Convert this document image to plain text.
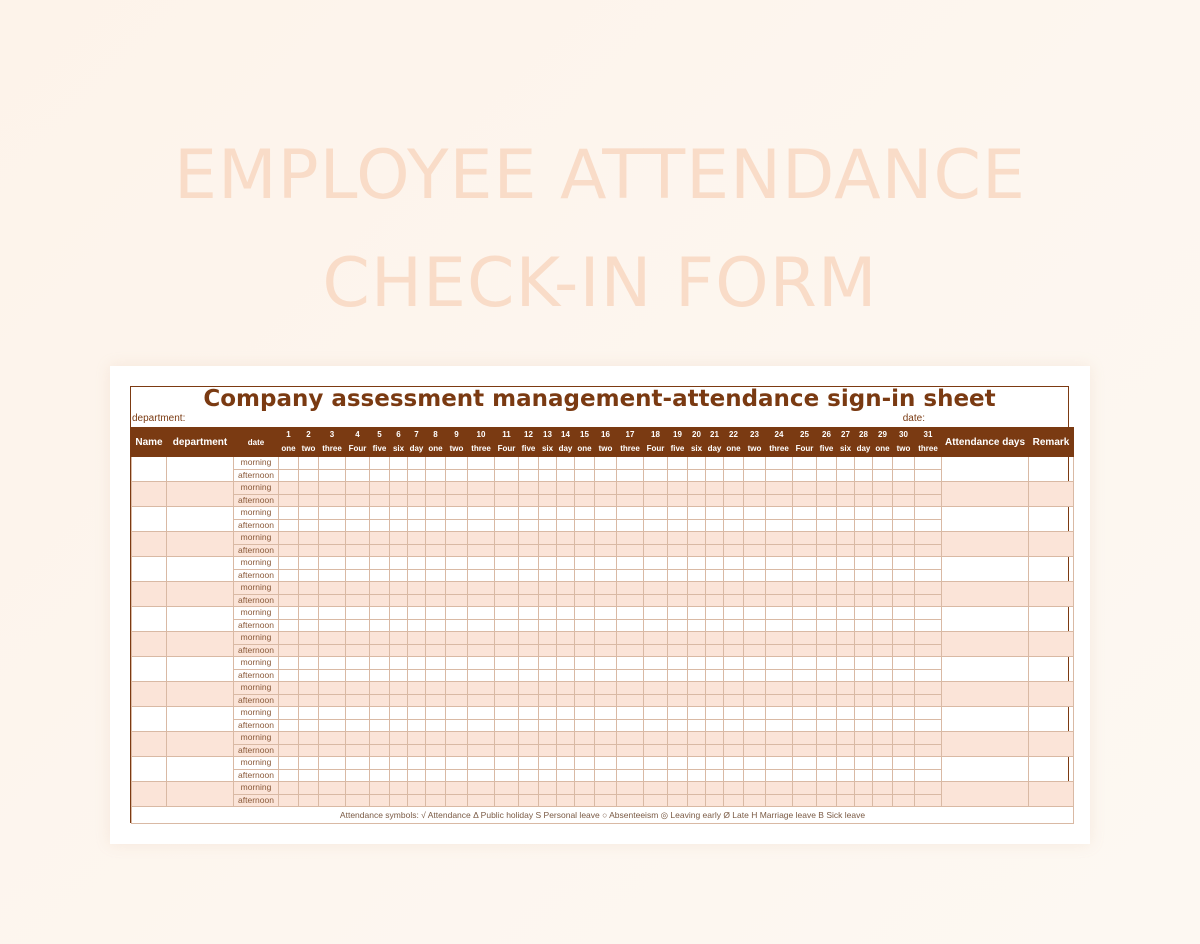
EMPLOYEE ATTENDANCE
CHECK-IN FORM
Company assessment management-attendance sign-in sheet
department:	date:
Name	department	date	1	2	3	4	5	6	7	8	9	10	11	12	13	14	15	16	17	18	19	20	21	22	23	24	25	26	27	28	29	30	31	Attendance days	Remark
			one	two	three	Four	five	six	day	one	two	three	Four	five	six	day	one	two	three	Four	five	six	day	one	two	three	Four	five	six	day	one	two	three		
		morning																																	
		afternoon																																	
		morning																																	
		afternoon																																	
		morning																																	
		afternoon																																	
		morning																																	
		afternoon																																	
		morning																																	
		afternoon																																	
		morning																																	
		afternoon																																	
		morning																																	
		afternoon																																	
		morning																																	
		afternoon																																	
		morning																																	
		afternoon																																	
		morning																																	
		afternoon																																	
		morning																																	
		afternoon																																	
		morning																																	
		afternoon																																	
		morning																																	
		afternoon																																	
		morning																																	
		afternoon																																	
Attendance symbols: √ Attendance Δ Public holiday S Personal leave ○ Absenteeism ◎ Leaving early Ø Late H Marriage leave B Sick leave																																			
